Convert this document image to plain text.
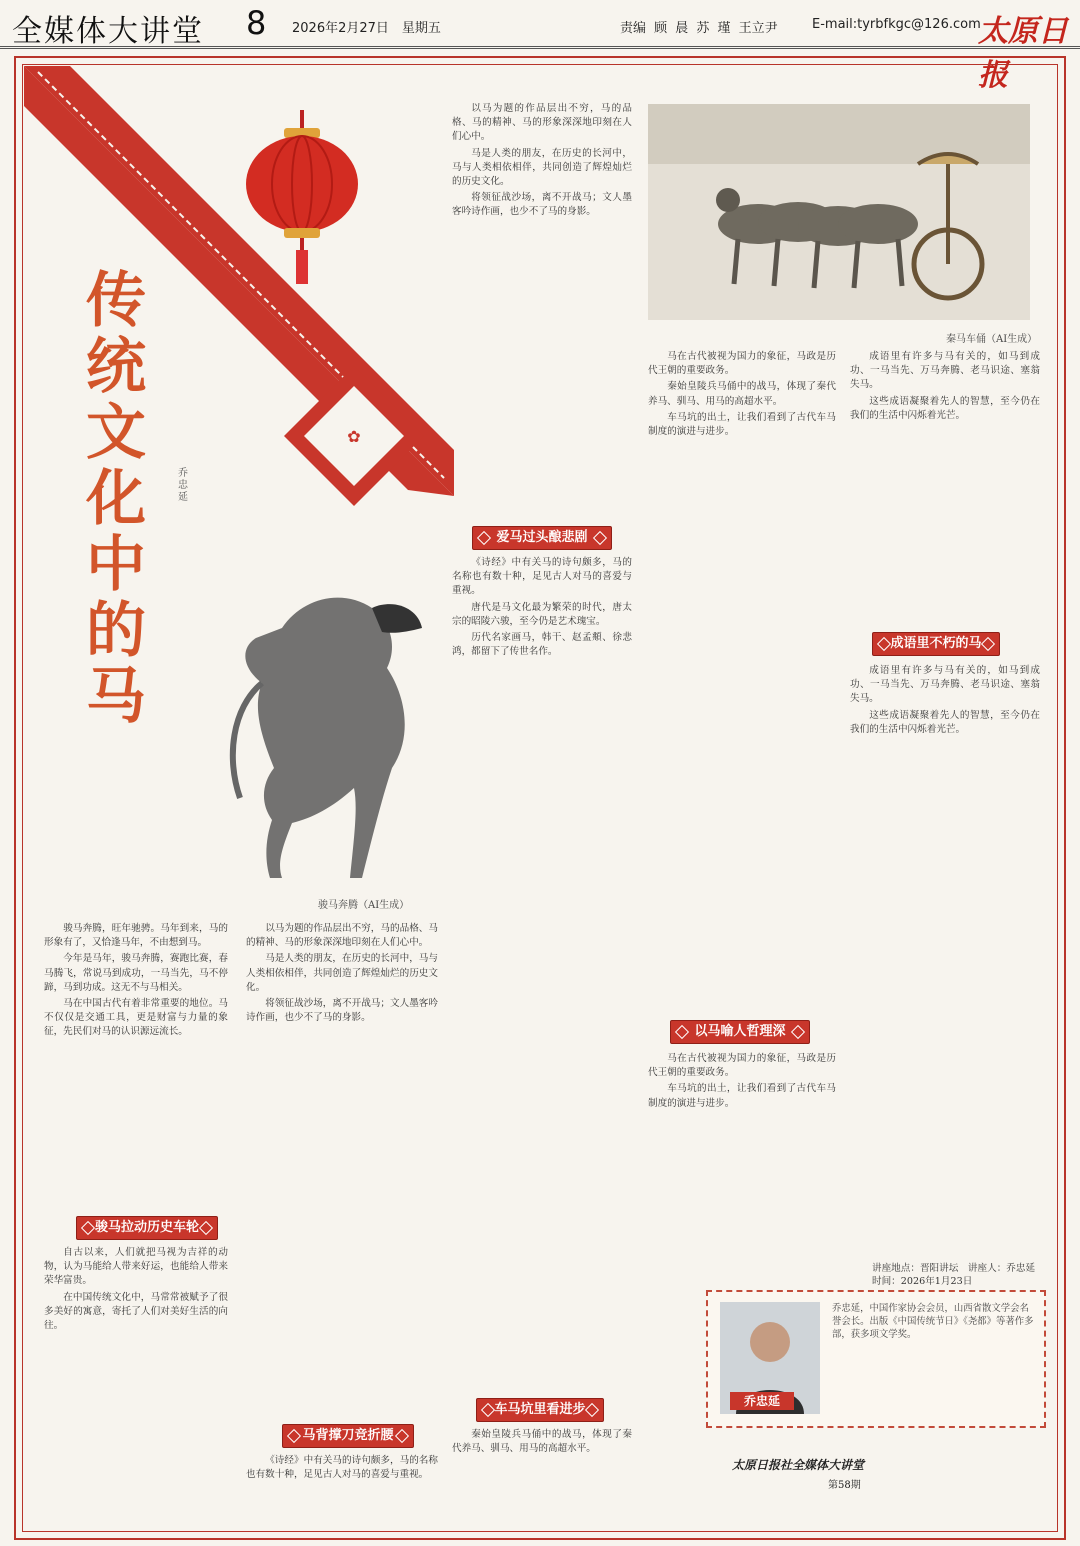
全媒体大讲堂 8 2026年2月27日　星期五	责编 顾 晨 苏 瑾 王立尹	E-mail:tyrbfkgc@126.com
太原日报
✿
传统文化中的马
乔忠延
骏马奔腾（AI生成）
秦马车俑（AI生成）

以马为题的作品层出不穷，马的品格、马的精神、马的形象深深地印刻在人们心中。

马是人类的朋友，在历史的长河中，马与人类相依相伴，共同创造了辉煌灿烂的历史文化。

将领征战沙场，离不开战马；文人墨客吟诗作画，也少不了马的身影。

爱马过头酿悲剧

《诗经》中有关马的诗句颇多，马的名称也有数十种，足见古人对马的喜爱与重视。

唐代是马文化最为繁荣的时代，唐太宗的昭陵六骏，至今仍是艺术瑰宝。

历代名家画马，韩干、赵孟頫、徐悲鸿，都留下了传世名作。

骏马奔腾，旺年驰骋。马年到来，马的形象有了，又恰逢马年，不由想到马。

今年是马年，骏马奔腾，赛跑比赛，春马腾飞，常说马到成功，一马当先，马不停蹄，马到功成。这无不与马相关。

马在中国古代有着非常重要的地位。马不仅仅是交通工具，更是财富与力量的象征，先民们对马的认识源远流长。

骏马拉动历史车轮

自古以来，人们就把马视为吉祥的动物，认为马能给人带来好运，也能给人带来荣华富贵。

在中国传统文化中，马常常被赋予了很多美好的寓意，寄托了人们对美好生活的向往。

以马为题的作品层出不穷，马的品格、马的精神、马的形象深深地印刻在人们心中。

马是人类的朋友，在历史的长河中，马与人类相依相伴，共同创造了辉煌灿烂的历史文化。

将领征战沙场，离不开战马；文人墨客吟诗作画，也少不了马的身影。

马背撑刀竞折腰

《诗经》中有关马的诗句颇多，马的名称也有数十种，足见古人对马的喜爱与重视。

马在古代被视为国力的象征，马政是历代王朝的重要政务。

秦始皇陵兵马俑中的战马，体现了秦代养马、驯马、用马的高超水平。

车马坑的出土，让我们看到了古代车马制度的演进与进步。

以马喻人哲理深

马在古代被视为国力的象征，马政是历代王朝的重要政务。

车马坑的出土，让我们看到了古代车马制度的演进与进步。

成语里有许多与马有关的，如马到成功、一马当先、万马奔腾、老马识途、塞翁失马。

这些成语凝聚着先人的智慧，至今仍在我们的生活中闪烁着光芒。

成语里不朽的马

成语里有许多与马有关的，如马到成功、一马当先、万马奔腾、老马识途、塞翁失马。

这些成语凝聚着先人的智慧，至今仍在我们的生活中闪烁着光芒。

讲座地点：晋阳讲坛　讲座人：乔忠延　时间：2026年1月23日
车马坑里看进步

秦始皇陵兵马俑中的战马，体现了秦代养马、驯马、用马的高超水平。

乔忠延
乔忠延，中国作家协会会员，山西省散文学会名誉会长。出版《中国传统节日》《尧都》等著作多部，获多项文学奖。
太原日报社全媒体大讲堂
第58期
